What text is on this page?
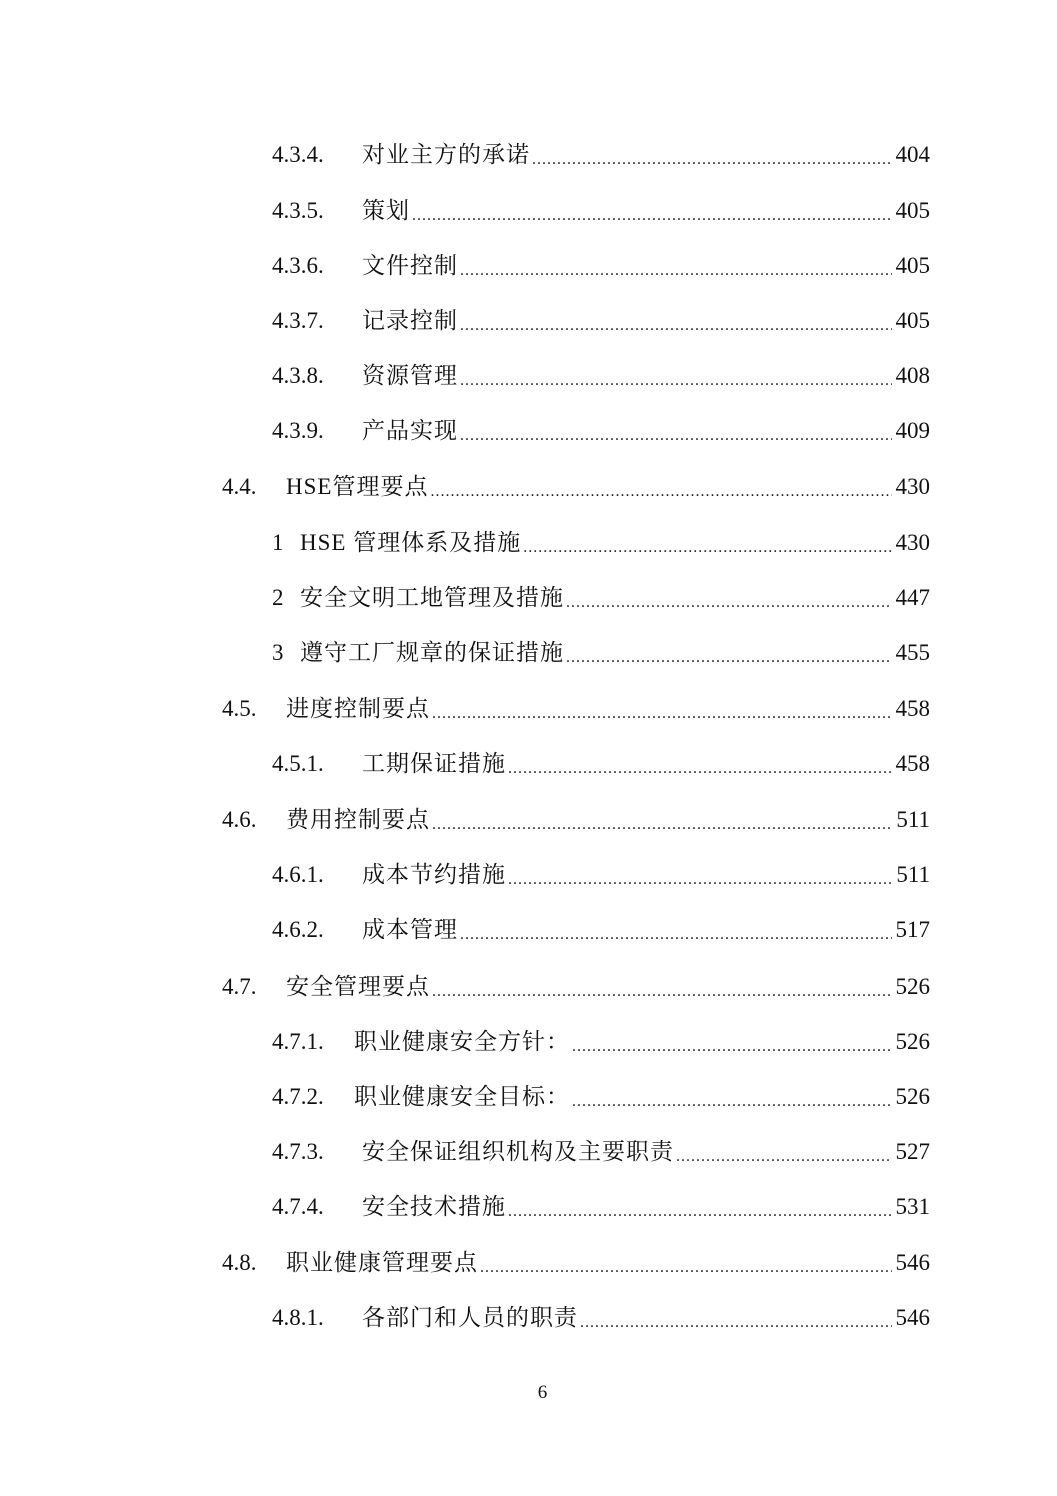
4.3.4.	对业主方的承诺 .....	404
4.3.5.	策划 .....	405
4.3.6.	文件控制 .....	405
4.3.7.	记录控制 .....	405
4.3.8.	资源管理 .....	408
4.3.9.	产品实现 .....	409
4.4.	HSE管理要点 .....	430
1 HSE 管理体系及措施 .....	430
2 安全文明工地管理及措施 .....	447
3 遵守工厂规章的保证措施 .....	455
4.5.	进度控制要点 .....	458
4.5.1.	工期保证措施 .....	458
4.6.	费用控制要点 .....	511
4.6.1.	成本节约措施 .....	511
4.6.2.	成本管理 .....	517
4.7.	安全管理要点 .....	526
4.7.1.	职业健康安全方针： .....	526
4.7.2.	职业健康安全目标： .....	526
4.7.3.	安全保证组织机构及主要职责 .....	527
4.7.4.	安全技术措施 .....	531
4.8.	职业健康管理要点 .....	546
4.8.1.	各部门和人员的职责 .....	546
6
